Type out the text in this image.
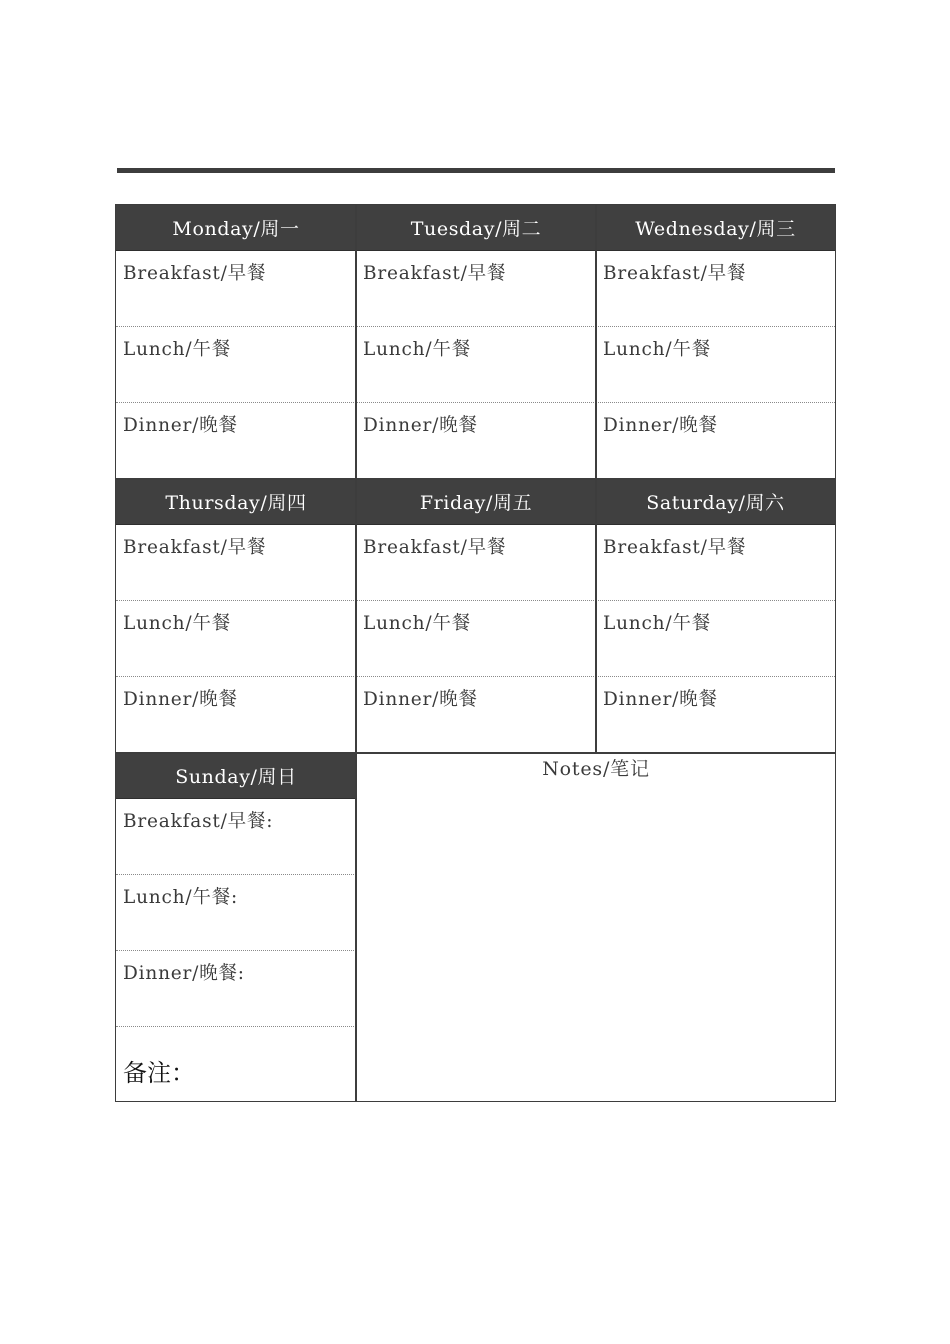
Monday/周一
Breakfast/早餐
Lunch/午餐
Dinner/晚餐
Tuesday/周二
Breakfast/早餐
Lunch/午餐
Dinner/晚餐
Wednesday/周三
Breakfast/早餐
Lunch/午餐
Dinner/晚餐
Thursday/周四
Breakfast/早餐
Lunch/午餐
Dinner/晚餐
Friday/周五
Breakfast/早餐
Lunch/午餐
Dinner/晚餐
Saturday/周六
Breakfast/早餐
Lunch/午餐
Dinner/晚餐
Sunday/周日
Breakfast/早餐:
Lunch/午餐:
Dinner/晚餐:
备注：
Notes/笔记
